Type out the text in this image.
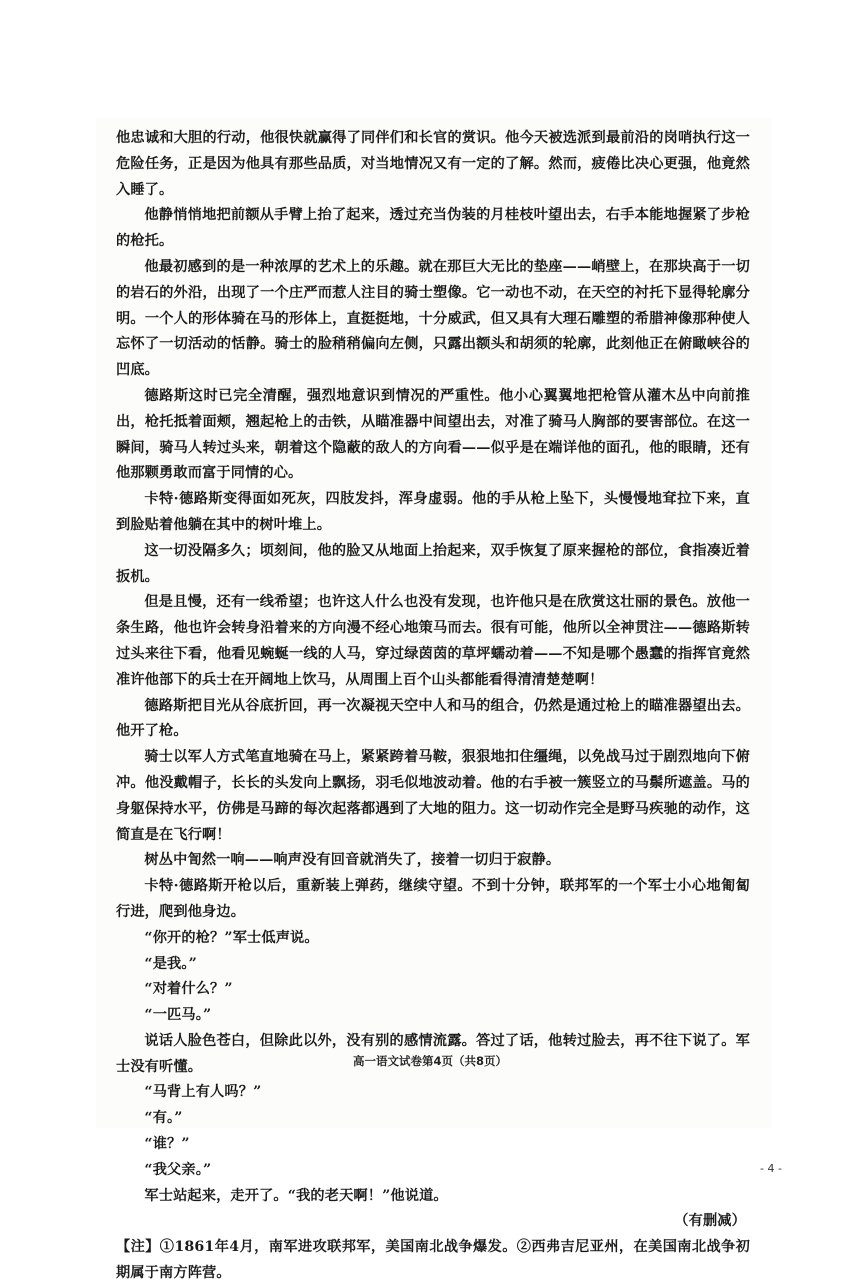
他忠诚和大胆的行动，他很快就赢得了同伴们和长官的赏识。他今天被选派到最前沿的岗哨执行这一危险任务，正是因为他具有那些品质，对当地情况又有一定的了解。然而，疲倦比决心更强，他竟然入睡了。

他静悄悄地把前额从手臂上抬了起来，透过充当伪装的月桂枝叶望出去，右手本能地握紧了步枪的枪托。

他最初感到的是一种浓厚的艺术上的乐趣。就在那巨大无比的垫座——峭壁上，在那块高于一切的岩石的外沿，出现了一个庄严而惹人注目的骑士塑像。它一动也不动，在天空的衬托下显得轮廓分明。一个人的形体骑在马的形体上，直挺挺地，十分威武，但又具有大理石雕塑的希腊神像那种使人忘怀了一切活动的恬静。骑士的脸稍稍偏向左侧，只露出额头和胡须的轮廓，此刻他正在俯瞰峡谷的凹底。

德路斯这时已完全清醒，强烈地意识到情况的严重性。他小心翼翼地把枪管从灌木丛中向前推出，枪托抵着面颊，翘起枪上的击铁，从瞄准器中间望出去，对准了骑马人胸部的要害部位。在这一瞬间，骑马人转过头来，朝着这个隐蔽的敌人的方向看——似乎是在端详他的面孔，他的眼睛，还有他那颗勇敢而富于同情的心。

卡特·德路斯变得面如死灰，四肢发抖，浑身虚弱。他的手从枪上坠下，头慢慢地耷拉下来，直到脸贴着他躺在其中的树叶堆上。

这一切没隔多久；顷刻间，他的脸又从地面上抬起来，双手恢复了原来握枪的部位，食指凑近着扳机。

但是且慢，还有一线希望；也许这人什么也没有发现，也许他只是在欣赏这壮丽的景色。放他一条生路，他也许会转身沿着来的方向漫不经心地策马而去。很有可能，他所以全神贯注——德路斯转过头来往下看，他看见蜿蜒一线的人马，穿过绿茵茵的草坪蠕动着——不知是哪个愚蠢的指挥官竟然准许他部下的兵士在开阔地上饮马，从周围上百个山头都能看得清清楚楚啊！

德路斯把目光从谷底折回，再一次凝视天空中人和马的组合，仍然是通过枪上的瞄准器望出去。他开了枪。

骑士以军人方式笔直地骑在马上，紧紧跨着马鞍，狠狠地扣住缰绳，以免战马过于剧烈地向下俯冲。他没戴帽子，长长的头发向上飘扬，羽毛似地波动着。他的右手被一簇竖立的马鬃所遮盖。马的身躯保持水平，仿佛是马蹄的每次起落都遇到了大地的阻力。这一切动作完全是野马疾驰的动作，这简直是在飞行啊！

树丛中訇然一响——响声没有回音就消失了，接着一切归于寂静。

卡特·德路斯开枪以后，重新装上弹药，继续守望。不到十分钟，联邦军的一个军士小心地匍匐行进，爬到他身边。

“你开的枪？”军士低声说。

“是我。”

“对着什么？”

“一匹马。”

说话人脸色苍白，但除此以外，没有别的感情流露。答过了话，他转过脸去，再不往下说了。军士没有听懂。

“马背上有人吗？”

“有。”

“谁？”

“我父亲。”

军士站起来，走开了。“我的老天啊！”他说道。

（有删减）

【注】①1861年4月，南军进攻联邦军，美国南北战争爆发。②西弗吉尼亚州，在美国南北战争初期属于南方阵营。

高一语文试卷第4页（共8页）
- 4 -
